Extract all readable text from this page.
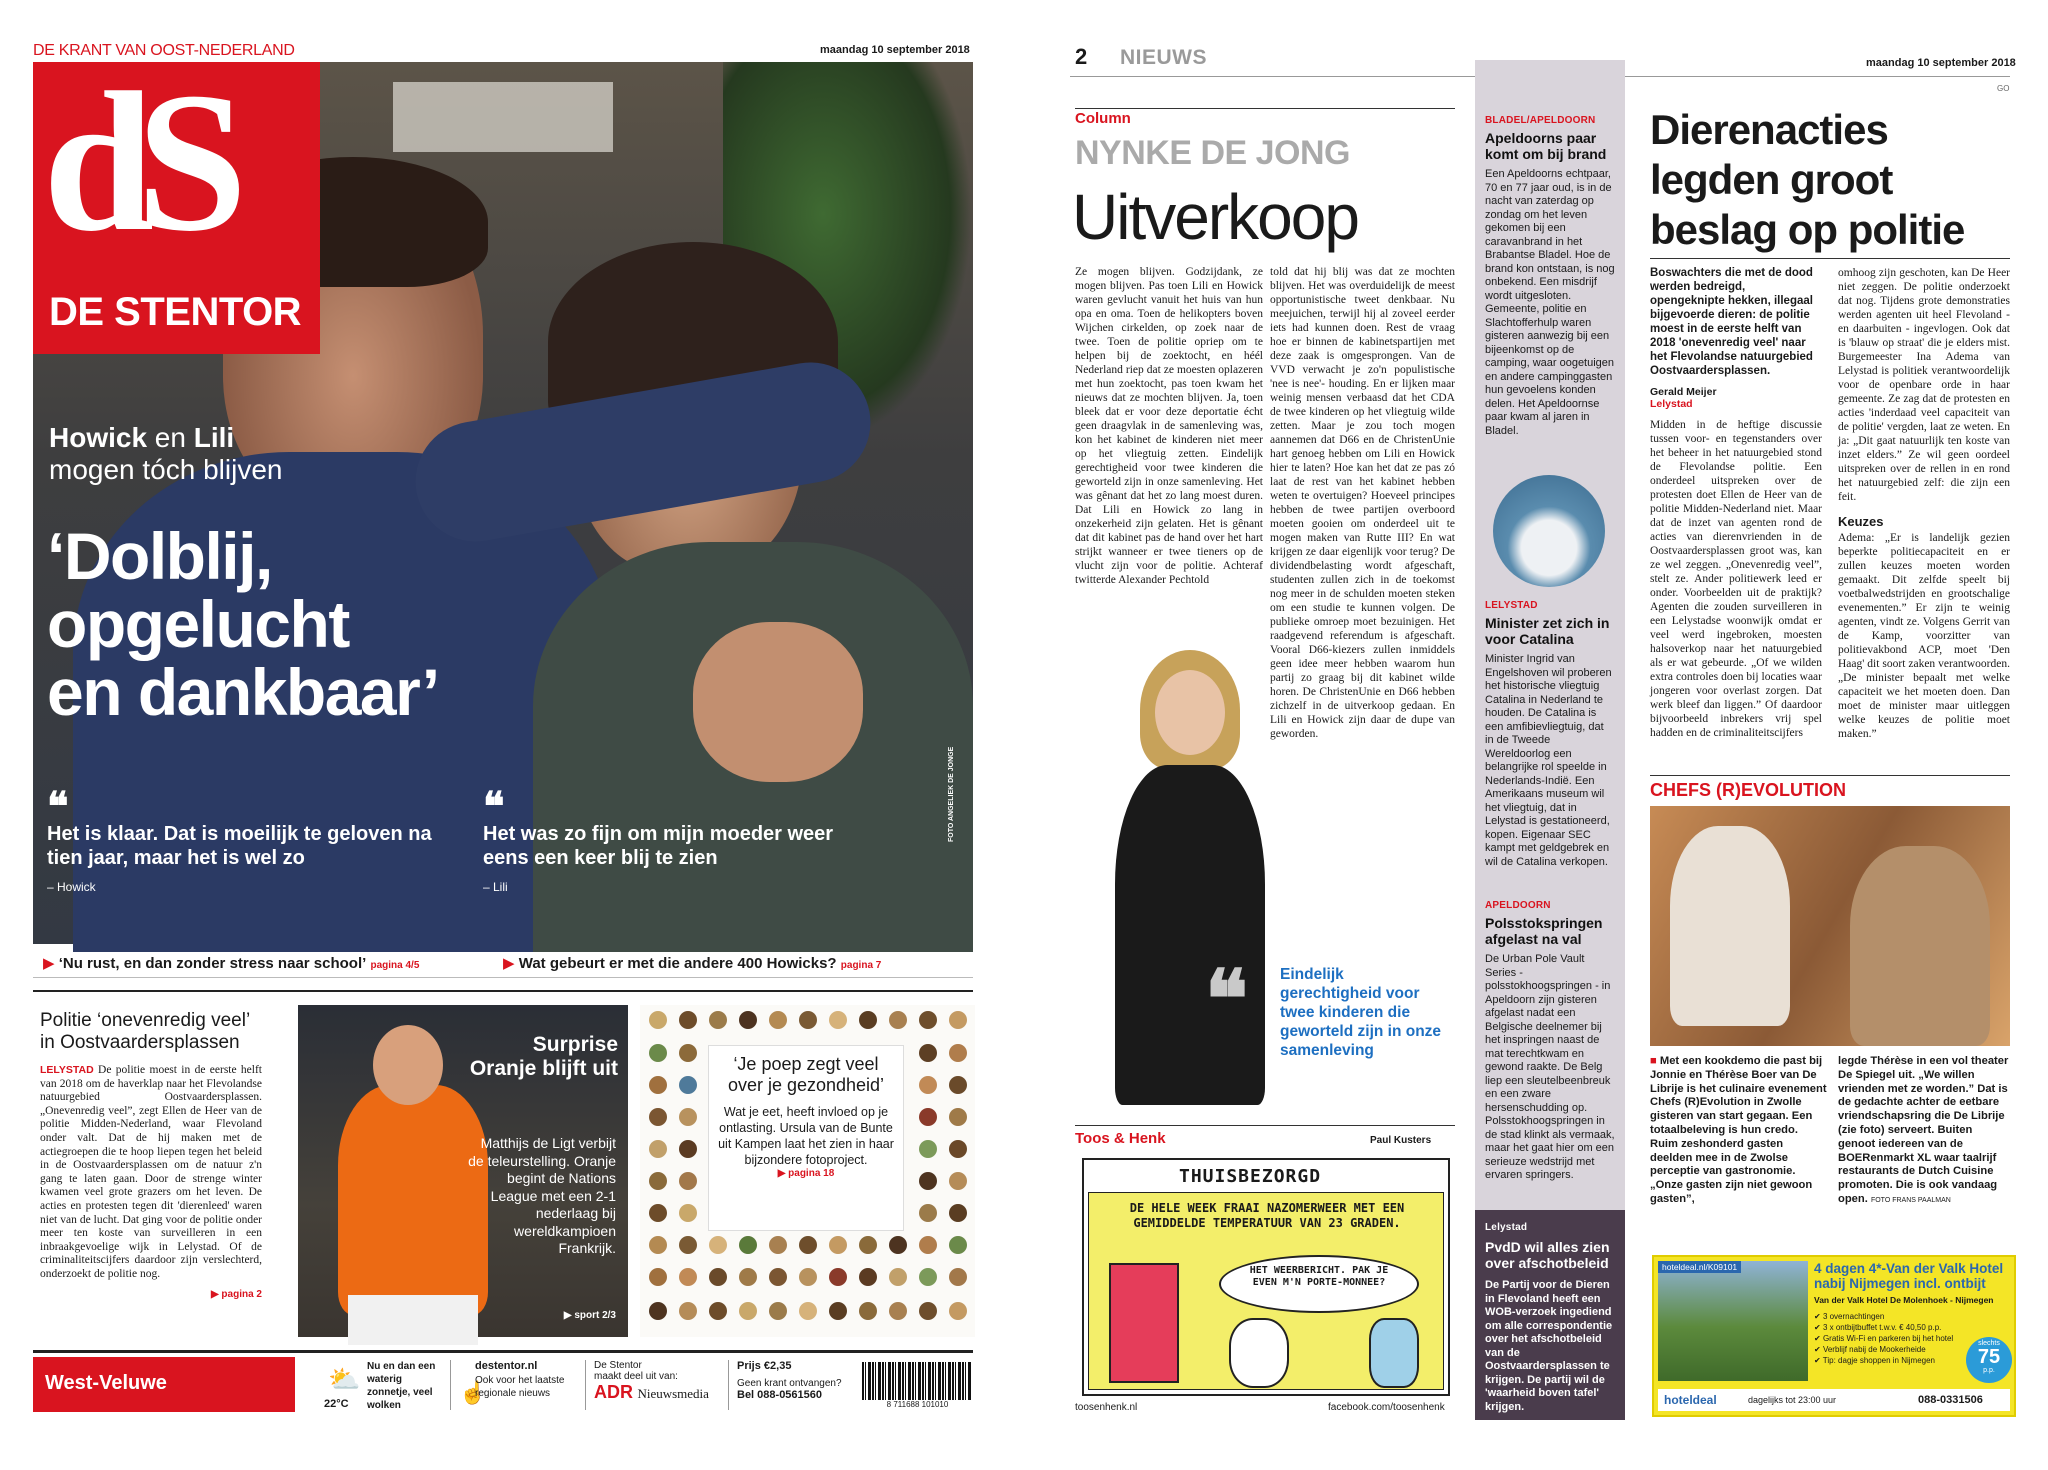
DE KRANT VAN OOST-NEDERLAND	maandag 10 september 2018
Howick en Lili
mogen tóch blijven
‘Dolblij,
opgelucht
en dankbaar’
❝
Het is klaar. Dat is moeilijk te geloven na tien jaar, maar het is wel zo
– Howick
❝
Het was zo fijn om mijn moeder weer eens een keer blij te zien
– Lili
FOTO ANGELIEK DE JONGE
dS
DE STENTOR
▶ ‘Nu rust, en dan zonder stress naar school’ pagina 4/5	▶ Wat gebeurt er met die andere 400 Howicks? pagina 7
Politie ‘onevenredig veel’ in Oostvaardersplassen
LELYSTAD De politie moest in de eerste helft van 2018 om de haverklap naar het Flevolandse natuurgebied Oostvaardersplassen. „Onevenredig veel”, zegt Ellen de Heer van de politie Midden-Nederland, waar Flevoland onder valt. Dat de hij maken met de actiegroepen die te hoop liepen tegen het beleid in de Oostvaardersplassen om de natuur z'n gang te laten gaan. Door de strenge winter kwamen veel grote grazers om het leven. De acties en protesten tegen dit 'dierenleed' waren niet van de lucht. Dat ging voor de politie onder meer ten koste van surveilleren in een inbraakgevoelige wijk in Lelystad. Of de criminaliteitscijfers daardoor zijn verslechterd, onderzoekt de politie nog.
▶ pagina 2
Surprise Oranje blijft uit
Matthijs de Ligt verbijt de teleurstelling. Oranje begint de Nations League met een 2-1 nederlaag bij wereldkampioen Frankrijk.
▶ sport 2/3
‘Je poep zegt veel over je gezondheid’
Wat je eet, heeft invloed op je ontlasting. Ursula van de Bunte uit Kampen laat het zien in haar bijzondere fotoproject.
▶ pagina 18
West-Veluwe	⛅
22°C
Nu en dan een waterig zonnetje, veel wolken
☝
destentor.nl
Ook voor het laatste regionale nieuws
De Stentor
maakt deel uit van:
ADR Nieuwsmedia
Prijs €2,35
Geen krant ontvangen?
Bel 088-0561560
8 711688 101010
2 NIEUWS	maandag 10 september 2018
GO
Column
NYNKE DE JONG
Uitverkoop
Ze mogen blijven. Godzijdank, ze mogen blijven. Pas toen Lili en Howick waren gevlucht vanuit het huis van hun opa en oma. Toen de helikopters boven Wijchen cirkelden, op zoek naar de twee. Toen de politie opriep om te helpen bij de zoektocht, en héél Nederland riep dat ze moesten oplazeren met hun zoektocht, pas toen kwam het nieuws dat ze mochten blijven. Ja, toen bleek dat er voor deze deportatie écht geen draagvlak in de samenleving was, kon het kabinet de kinderen niet meer op het vliegtuig zetten. Eindelijk gerechtigheid voor twee kinderen die geworteld zijn in onze samenleving. Het was gênant dat het zo lang moest duren. Dat Lili en Howick zo lang in onzekerheid zijn gelaten. Het is gênant dat dit kabinet pas de hand over het hart strijkt wanneer er twee tieners op de vlucht zijn voor de politie. Achteraf twitterde Alexander Pechtold
told dat hij blij was dat ze mochten blijven. Het was overduidelijk de meest opportunistische tweet denkbaar. Nu meejuichen, terwijl hij al zoveel eerder iets had kunnen doen. Rest de vraag hoe er binnen de kabinetspartijen met deze zaak is omgesprongen. Van de VVD verwacht je zo'n populistische 'nee is nee'- houding. En er lijken maar weinig mensen verbaasd dat het CDA de twee kinderen op het vliegtuig wilde zetten. Maar je zou toch mogen aannemen dat D66 en de ChristenUnie hart genoeg hebben om Lili en Howick hier te laten? Hoe kan het dat ze pas zó laat de rest van het kabinet hebben weten te overtuigen? Hoeveel principes hebben de twee partijen overboord moeten gooien om onderdeel uit te mogen maken van Rutte III? En wat krijgen ze daar eigenlijk voor terug? De dividendbelasting wordt afgeschaft, studenten zullen zich in de toekomst nog meer in de schulden moeten steken om een studie te kunnen volgen. De publieke omroep moet bezuinigen. Het raadgevend referendum is afgeschaft. Vooral D66-kiezers zullen inmiddels geen idee meer hebben waarom hun partij zo graag bij dit kabinet wilde horen. De ChristenUnie en D66 hebben zichzelf in de uitverkoop gedaan. En Lili en Howick zijn daar de dupe van geworden.
❝ Eindelijk gerechtigheid voor twee kinderen die geworteld zijn in onze samenleving
Toos & Henk	Paul Kusters
THUISBEZORGD
DE HELE WEEK FRAAI NAZOMERWEER MET EEN GEMIDDELDE TEMPERATUUR VAN 23 GRADEN.
HET WEERBERICHT. PAK JE EVEN M'N PORTE-MONNEE?
toosenhenk.nl	facebook.com/toosenhenk
BLADEL/APELDOORN
Apeldoorns paar komt om bij brand
Een Apeldoorns echtpaar, 70 en 77 jaar oud, is in de nacht van zaterdag op zondag om het leven gekomen bij een caravanbrand in het Brabantse Bladel. Hoe de brand kon ontstaan, is nog onbekend. Een misdrijf wordt uitgesloten. Gemeente, politie en Slachtofferhulp waren gisteren aanwezig bij een bijeenkomst op de camping, waar oogetuigen en andere campinggasten hun gevoelens konden delen. Het Apeldoornse paar kwam al jaren in Bladel.
LELYSTAD
Minister zet zich in voor Catalina
Minister Ingrid van Engelshoven wil proberen het historische vliegtuig Catalina in Nederland te houden. De Catalina is een amfibievliegtuig, dat in de Tweede Wereldoorlog een belangrijke rol speelde in Nederlands-Indië. Een Amerikaans museum wil het vliegtuig, dat in Lelystad is gestationeerd, kopen. Eigenaar SEC kampt met geldgebrek en wil de Catalina verkopen.
APELDOORN
Polsstokspringen afgelast na val
De Urban Pole Vault Series - polsstokhoogspringen - in Apeldoorn zijn gisteren afgelast nadat een Belgische deelnemer bij het inspringen naast de mat terechtkwam en gewond raakte. De Belg liep een sleutelbeenbreuk en een zware hersenschudding op. Polsstokhoogspringen in de stad klinkt als vermaak, maar het gaat hier om een serieuze wedstrijd met ervaren springers.
Lelystad
PvdD wil alles zien over afschotbeleid
De Partij voor de Dieren in Flevoland heeft een WOB-verzoek ingediend om alle correspondentie over het afschotbeleid van de Oostvaardersplassen te krijgen. De partij wil de 'waarheid boven tafel' krijgen.
Dierenacties legden groot beslag op politie
Boswachters die met de dood werden bedreigd, opengeknipte hekken, illegaal bijgevoerde dieren: de politie moest in de eerste helft van 2018 'onevenredig veel' naar het Flevolandse natuurgebied Oostvaardersplassen.
Gerald Meijer
Lelystad
Midden in de heftige discussie tussen voor- en tegenstanders over het beheer in het natuurgebied stond de Flevolandse politie. Een onderdeel uitspreken over de protesten doet Ellen de Heer van de politie Midden-Nederland niet. Maar dat de inzet van agenten rond de acties van dierenvrienden in de Oostvaardersplassen groot was, kan ze wel zeggen. „Onevenredig veel”, stelt ze. Ander politiewerk leed er onder. Voorbeelden uit de praktijk? Agenten die zouden surveilleren in een Lelystadse woonwijk omdat er veel werd ingebroken, moesten halsoverkop naar het natuurgebied als er wat gebeurde. „Of we wilden extra controles doen bij locaties waar jongeren voor overlast zorgen. Dat werk bleef dan liggen.” Of daardoor bijvoorbeeld inbrekers vrij spel hadden en de criminaliteitscijfers
omhoog zijn geschoten, kan De Heer niet zeggen. De politie onderzoekt dat nog. Tijdens grote demonstraties werden agenten uit heel Flevoland - en daarbuiten - ingevlogen. Ook dat is 'blauw op straat' die je elders mist. Burgemeester Ina Adema van Lelystad is politiek verantwoordelijk voor de openbare orde in haar gemeente. Ze zag dat de protesten en acties 'inderdaad veel capaciteit van de politie' vergden, laat ze weten. En ja: „Dit gaat natuurlijk ten koste van inzet elders.” Ze wil geen oordeel uitspreken over de rellen in en rond het natuurgebied zelf: die zijn een feit.
Keuzes
Adema: „Er is landelijk gezien beperkte politiecapaciteit en er zullen keuzes moeten worden gemaakt. Dit zelfde speelt bij voetbalwedstrijden en grootschalige evenementen.” Er zijn te weinig agenten, vindt ze. Volgens Gerrit van de Kamp, voorzitter van politievakbond ACP, moet 'Den Haag' dit soort zaken verantwoorden. „De minister bepaalt met welke capaciteit we het moeten doen. Dan moet de minister maar uitleggen welke keuzes de politie moet maken.”
CHEFS (R)EVOLUTION
■ Met een kookdemo die past bij Jonnie en Thérèse Boer van De Librije is het culinaire evenement Chefs (R)Evolution in Zwolle gisteren van start gegaan. Een totaalbeleving is hun credo. Ruim zeshonderd gasten deelden mee in de Zwolse perceptie van gastronomie. „Onze gasten zijn niet gewoon gasten”,
legde Thérèse in een vol theater De Spiegel uit. „We willen vrienden met ze worden.” Dat is de gedachte achter de eetbare vriendschapsring die De Librije (zie foto) serveert. Buiten genoot iedereen van de BOERenmarkt XL waar taalrijf restaurants de Dutch Cuisine promoten. Die is ook vandaag open. FOTO FRANS PAALMAN
hoteldeal.nl/K09101	4 dagen 4*-Van der Valk Hotel nabij Nijmegen incl. ontbijt
Van der Valk Hotel De Molenhoek - Nijmegen
✔ 3 overnachtingen
✔ 3 x ontbijtbuffet t.w.v. € 40,50 p.p.
✔ Gratis Wi-Fi en parkeren bij het hotel
✔ Verblijf nabij de Mookerheide
✔ Tip: dagje shoppen in Nijmegen
slechts
75
p.p.
hoteldeal	dagelijks tot 23:00 uur	088-0331506
